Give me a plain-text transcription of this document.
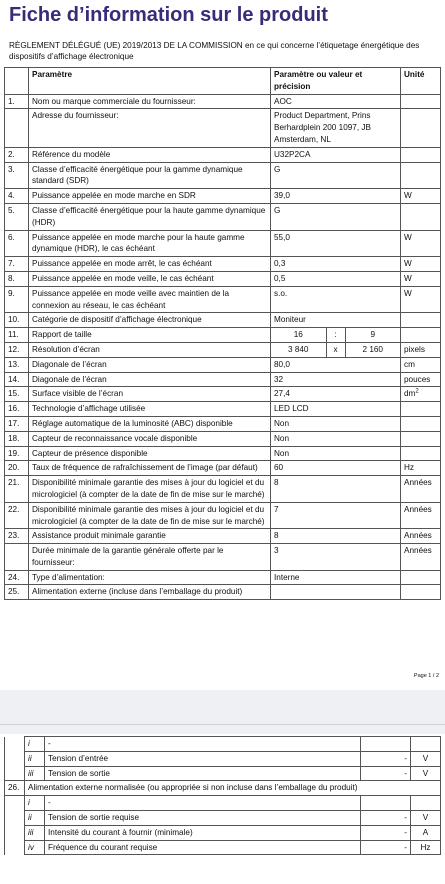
Fiche d’information sur le produit
RÈGLEMENT DÉLÉGUÉ (UE) 2019/2013 DE LA COMMISSION en ce qui concerne l’étiquetage énergétique des dispositifs d’affichage électronique
	Paramètre	Paramètre ou valeur et précision	Unité
1.	Nom ou marque commerciale du fournisseur:	AOC	
	Adresse du fournisseur:	Product Department, Prins Berhardplein 200 1097, JB Amsterdam, NL	
2.	Référence du modèle	U32P2CA	
3.	Classe d’efficacité énergétique pour la gamme dynamique standard (SDR)	G	
4.	Puissance appelée en mode marche en SDR	39,0	W
5.	Classe d’efficacité énergétique pour la haute gamme dynamique (HDR)	G	
6.	Puissance appelée en mode marche pour la haute gamme dynamique (HDR), le cas échéant	55,0	W
7.	Puissance appelée en mode arrêt, le cas échéant	0,3	W
8.	Puissance appelée en mode veille, le cas échéant	0,5	W
9.	Puissance appelée en mode veille avec maintien de la connexion au réseau, le cas échéant	s.o.	W
10.	Catégorie de dispositif d’affichage électronique	Moniteur	
11.	Rapport de taille	16 : 9	

12.	Résolution d’écran	3 840 x 2 160	pixels
13.	Diagonale de l’écran	80,0	cm
14.	Diagonale de l’écran	32	pouces
15.	Surface visible de l’écran	27,4	$dm^2$
16.	Technologie d’affichage utilisée	LED LCD	
17.	Réglage automatique de la luminosité (ABC) disponible	Non	
18.	Capteur de reconnaissance vocale disponible	Non	
19.	Capteur de présence disponible	Non	
20.	Taux de fréquence de rafraîchissement de l’image (par défaut)	60	Hz
21.	Disponibilité minimale garantie des mises à jour du logiciel et du micrologiciel (à compter de la date de fin de mise sur le marché)	8	Années
22.	Disponibilité minimale garantie des mises à jour du logiciel et du micrologiciel (à compter de la date de fin de mise sur le marché)	7	Années
23.	Assistance produit minimale garantie	8	Années
	Durée minimale de la garantie générale offerte par le fournisseur:	3	Années
24.	Type d’alimentation:	Interne	
25.	Alimentation externe (incluse dans l’emballage du produit)		
Page 1 / 2
	i	-		
	ii	Tension d’entrée	-	V
	iii	Tension de sortie	-	V
26.	Alimentation externe normalisée (ou appropriée si non incluse dans l’emballage du produit)			
	i	-		
	ii	Tension de sortie requise	-	V
	iii	Intensité du courant à fournir (minimale)	-	A
	iv	Fréquence du courant requise	-	Hz
